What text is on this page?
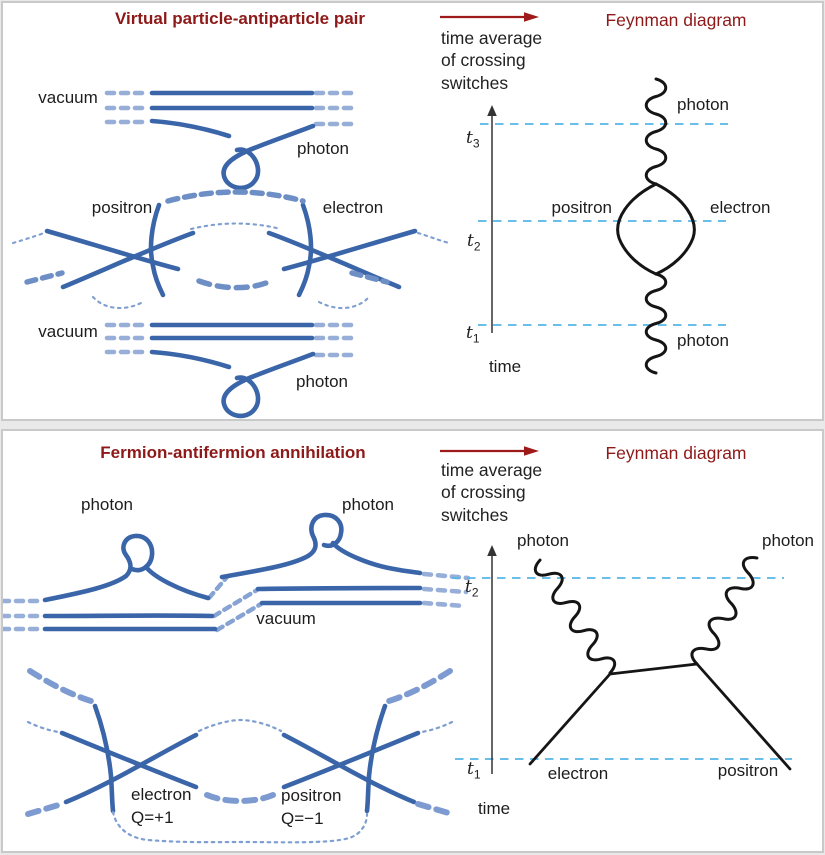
Virtual particle-antiparticle pair	Feynman diagram
time average
of crossing
switches
vacuum
photon
positron	electron
vacuum
photon
$t_3$
$t_2$
$t_1$
time
photon
positron	electron
photon
Fermion-antifermion annihilation	Feynman diagram
time average
of crossing
switches
photon	photon
vacuum
electron
Q=+1
positron
Q=−1
$t_2$
$t_1$
time
photon	photon
electron	positron
